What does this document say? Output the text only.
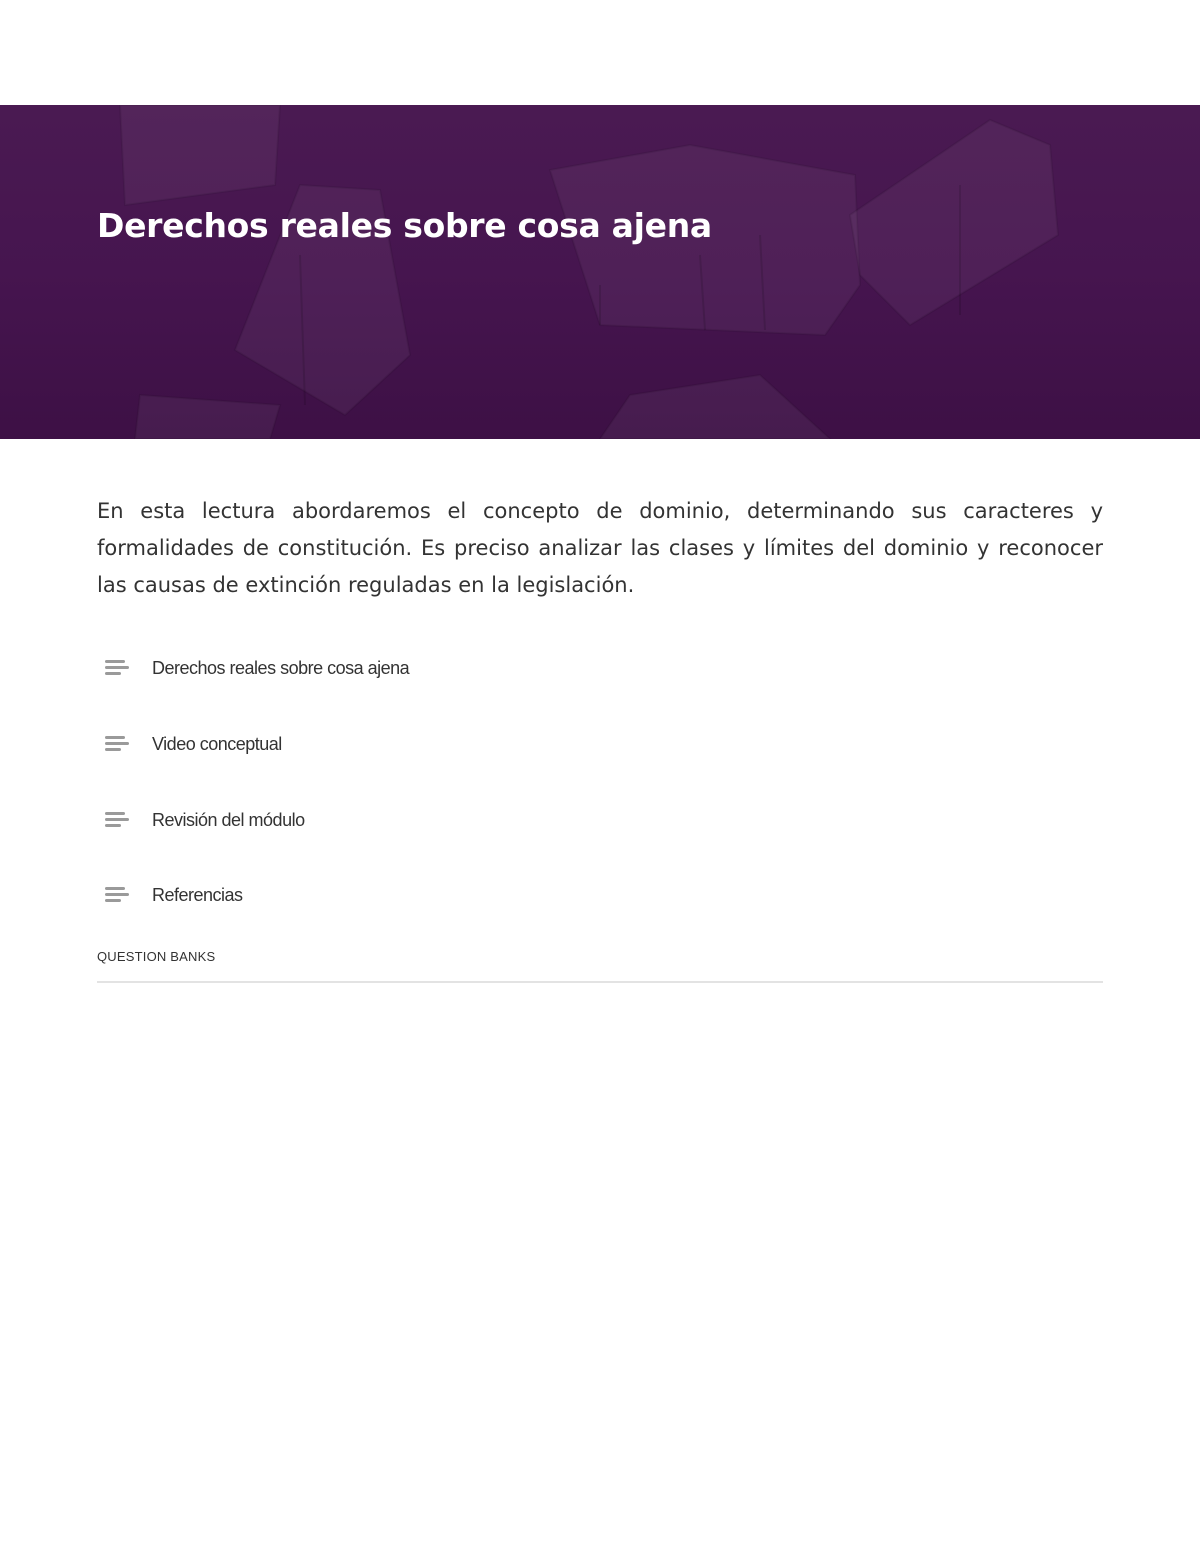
Derechos reales sobre cosa ajena

En esta lectura abordaremos el concepto de dominio, determinando sus caracteres y formalidades de constitución. Es preciso analizar las clases y límites del dominio y reconocer las causas de extinción reguladas en la legislación.

Derechos reales sobre cosa ajena
Video conceptual
Revisión del módulo
Referencias
QUESTION BANKS
